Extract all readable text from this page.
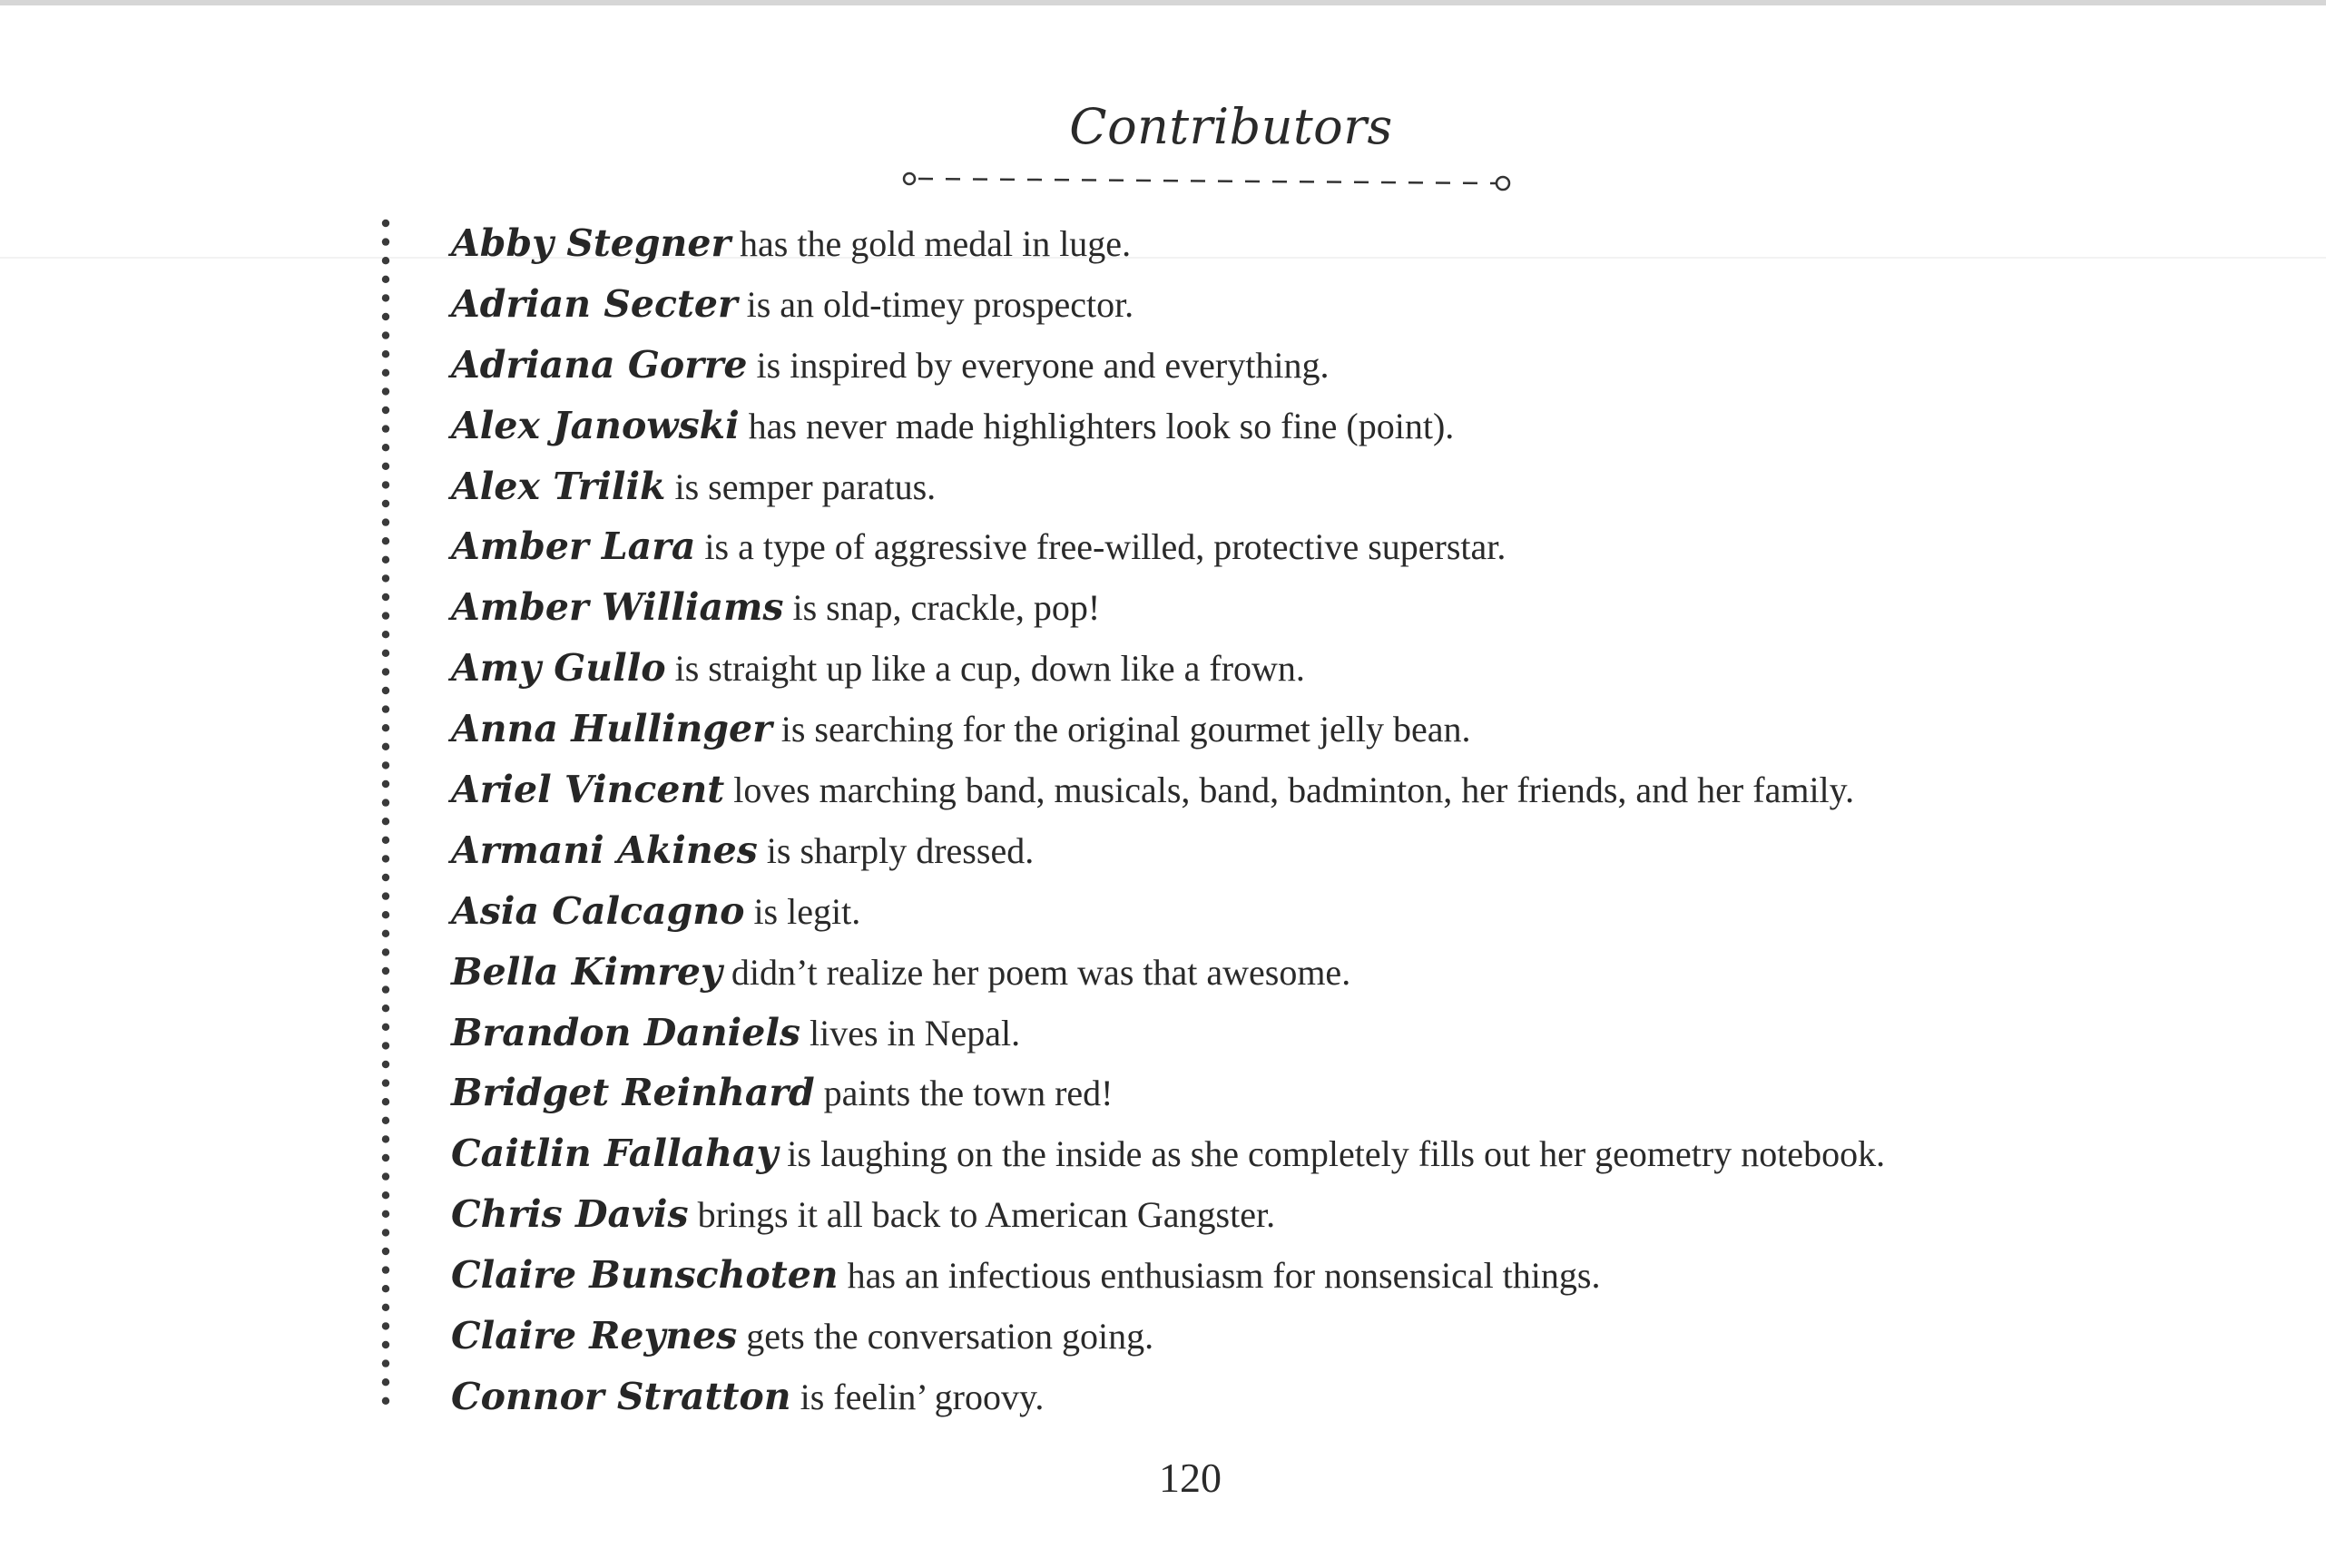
Contributors
Abby Stegner has the gold medal in luge.
Adrian Secter is an old-timey prospector.
Adriana Gorre is inspired by everyone and everything.
Alex Janowski has never made highlighters look so fine (point).
Alex Trilik is semper paratus.
Amber Lara is a type of aggressive free-willed, protective superstar.
Amber Williams is snap, crackle, pop!
Amy Gullo is straight up like a cup, down like a frown.
Anna Hullinger is searching for the original gourmet jelly bean.
Ariel Vincent loves marching band, musicals, band, badminton, her friends, and her family.
Armani Akines is sharply dressed.
Asia Calcagno is legit.
Bella Kimrey didn’t realize her poem was that awesome.
Brandon Daniels lives in Nepal.
Bridget Reinhard paints the town red!
Caitlin Fallahay is laughing on the inside as she completely fills out her geometry notebook.
Chris Davis brings it all back to American Gangster.
Claire Bunschoten has an infectious enthusiasm for nonsensical things.
Claire Reynes gets the conversation going.
Connor Stratton is feelin’ groovy.
120
